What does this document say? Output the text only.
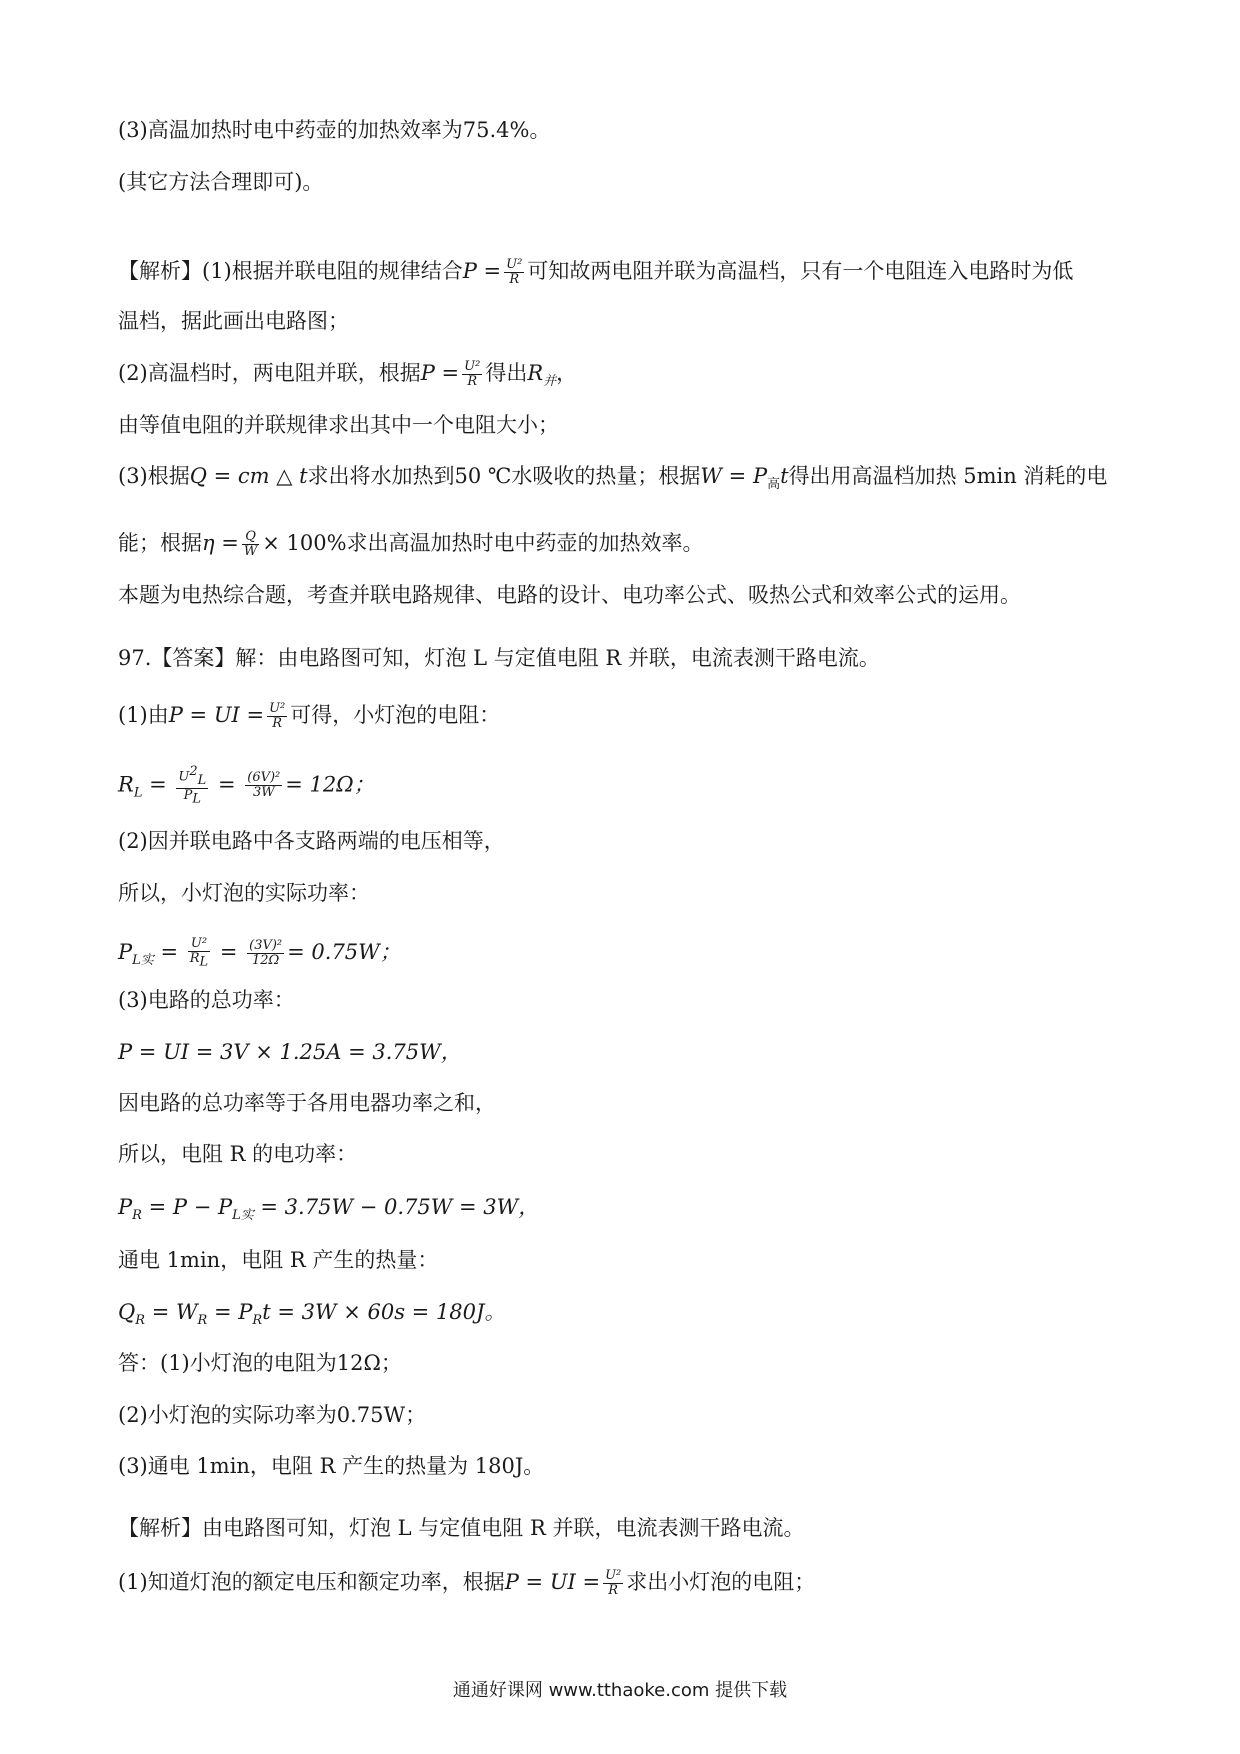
(3)高温加热时电中药壶的加热效率为75.4%。
(其它方法合理即可)。
【解析】(1)根据并联电阻的规律结合$P = \frac{\text{U²}}{R}$ 可知故两电阻并联为高温档，只有一个电阻连入电路时为低
温档，据此画出电路图；
(2)高温档时，两电阻并联，根据$P = \frac{\text{U²}}{R}$ 得出$R_并$，
由等值电阻的并联规律求出其中一个电阻大小；
(3)根据Q = cm △ t求出将水加热到50 ℃水吸收的热量；根据$W = P_高t$得出用高温档加热 5min 消耗的电
能；根据$\eta = \frac{Q}{W} \times 100\%$求出高温加热时电中药壶的加热效率。
本题为电热综合题，考查并联电路规律、电路的设计、电功率公式、吸热公式和效率公式的运用。
97.【答案】解：由电路图可知，灯泡 L 与定值电阻 R 并联，电流表测干路电流。
(1)由P = UI = $\frac{\text{U²}}{R}$ 可得，小灯泡的电阻：
$R_L = \frac{U^2_L}{P_L} = \frac{\text{(6V)²}}{3W} = 12\Omega$；
(2)因并联电路中各支路两端的电压相等，
所以，小灯泡的实际功率：
$P_{L实} = \frac{\text{U²}}{R_L} = \frac{\text{(3V)²}}{12\Omega} = 0.75W$；
(3)电路的总功率：
P = UI = 3V × 1.25A = 3.75W，
因电路的总功率等于各用电器功率之和，
所以，电阻 R 的电功率：
$P_R = P - P_{L实} = 3.75W - 0.75W = 3W$，
通电 1min，电阻 R 产生的热量：
$Q_R = W_R = P_Rt = 3W \times 60s = 180J$。
答：(1)小灯泡的电阻为12Ω；
(2)小灯泡的实际功率为0.75W；
(3)通电 1min，电阻 R 产生的热量为 180J。
【解析】由电路图可知，灯泡 L 与定值电阻 R 并联，电流表测干路电流。
(1)知道灯泡的额定电压和额定功率，根据P = UI = $\frac{\text{U²}}{R}$ 求出小灯泡的电阻；
通通好课网 www.tthaoke.com 提供下载
